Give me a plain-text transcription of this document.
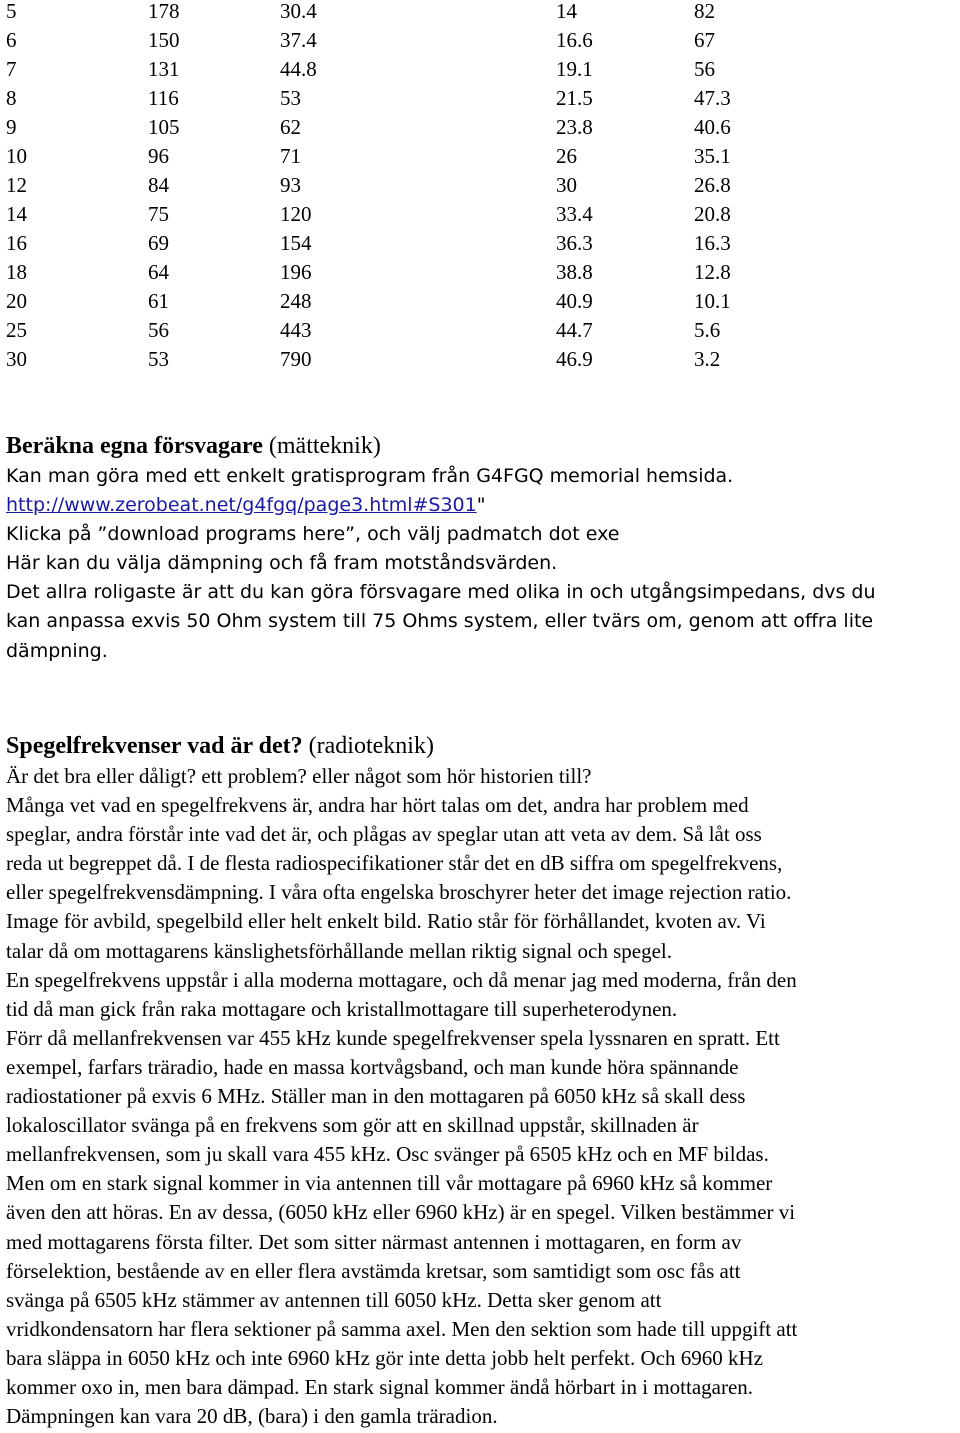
5	178	30.4	14	82
6	150	37.4	16.6	67
7	131	44.8	19.1	56
8	116	53	21.5	47.3
9	105	62	23.8	40.6
10	96	71	26	35.1
12	84	93	30	26.8
14	75	120	33.4	20.8
16	69	154	36.3	16.3
18	64	196	38.8	12.8
20	61	248	40.9	10.1
25	56	443	44.7	5.6
30	53	790	46.9	3.2
Beräkna egna försvagare (mätteknik)
Kan man göra med ett enkelt gratisprogram från G4FGQ memorial hemsida.
http://www.zerobeat.net/g4fgq/page3.html#S301"
Klicka på ”download programs here”, och välj padmatch dot exe
Här kan du välja dämpning och få fram motståndsvärden.
Det allra roligaste är att du kan göra försvagare med olika in och utgångsimpedans, dvs du
kan anpassa exvis 50 Ohm system till 75 Ohms system, eller tvärs om, genom att offra lite
dämpning.
Spegelfrekvenser vad är det? (radioteknik)
Är det bra eller dåligt? ett problem? eller något som hör historien till?
Många vet vad en spegelfrekvens är, andra har hört talas om det, andra har problem med
speglar, andra förstår inte vad det är, och plågas av speglar utan att veta av dem. Så låt oss
reda ut begreppet då. I de flesta radiospecifikationer står det en dB siffra om spegelfrekvens,
eller spegelfrekvensdämpning. I våra ofta engelska broschyrer heter det image rejection ratio.
Image för avbild, spegelbild eller helt enkelt bild. Ratio står för förhållandet, kvoten av. Vi
talar då om mottagarens känslighetsförhållande mellan riktig signal och spegel.
En spegelfrekvens uppstår i alla moderna mottagare, och då menar jag med moderna, från den
tid då man gick från raka mottagare och kristallmottagare till superheterodynen.
Förr då mellanfrekvensen var 455 kHz kunde spegelfrekvenser spela lyssnaren en spratt. Ett
exempel, farfars träradio, hade en massa kortvågsband, och man kunde höra spännande
radiostationer på exvis 6 MHz. Ställer man in den mottagaren på 6050 kHz så skall dess
lokaloscillator svänga på en frekvens som gör att en skillnad uppstår, skillnaden är
mellanfrekvensen, som ju skall vara 455 kHz. Osc svänger på 6505 kHz och en MF bildas.
Men om en stark signal kommer in via antennen till vår mottagare på 6960 kHz så kommer
även den att höras. En av dessa, (6050 kHz eller 6960 kHz) är en spegel. Vilken bestämmer vi
med mottagarens första filter. Det som sitter närmast antennen i mottagaren, en form av
förselektion, bestående av en eller flera avstämda kretsar, som samtidigt som osc fås att
svänga på 6505 kHz stämmer av antennen till 6050 kHz. Detta sker genom att
vridkondensatorn har flera sektioner på samma axel. Men den sektion som hade till uppgift att
bara släppa in 6050 kHz och inte 6960 kHz gör inte detta jobb helt perfekt. Och 6960 kHz
kommer oxo in, men bara dämpad. En stark signal kommer ändå hörbart in i mottagaren.
Dämpningen kan vara 20 dB, (bara) i den gamla träradion.
